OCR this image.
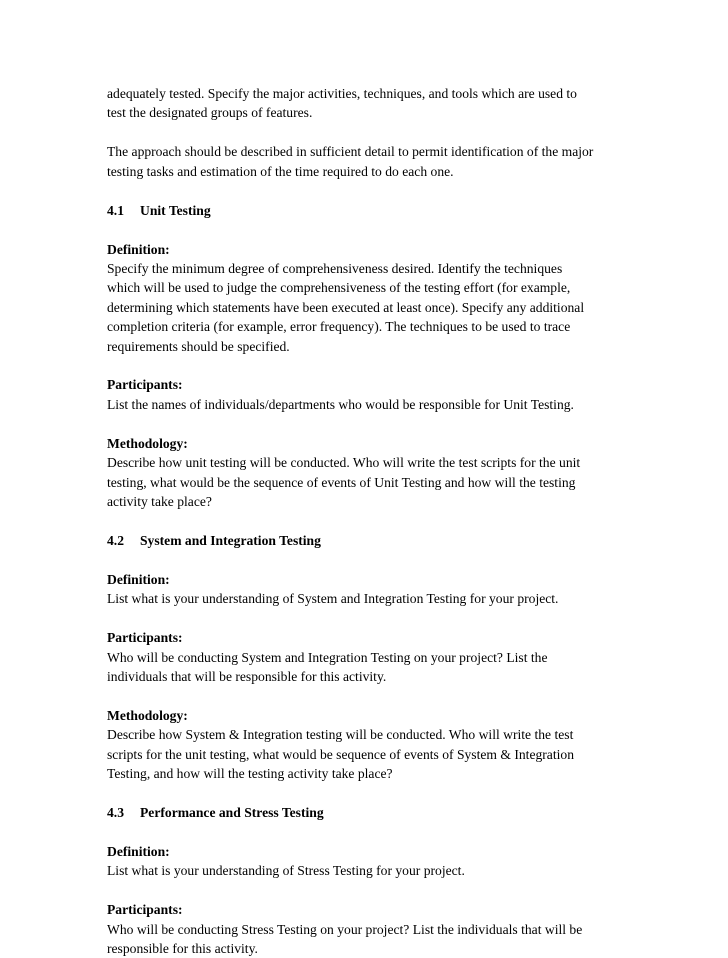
adequately tested. Specify the major activities, techniques, and tools which are used to
test the designated groups of features.
The approach should be described in sufficient detail to permit identification of the major
testing tasks and estimation of the time required to do each one.
4.1 Unit Testing
Definition:
Specify the minimum degree of comprehensiveness desired. Identify the techniques
which will be used to judge the comprehensiveness of the testing effort (for example,
determining which statements have been executed at least once). Specify any additional
completion criteria (for example, error frequency). The techniques to be used to trace
requirements should be specified.
Participants:
List the names of individuals/departments who would be responsible for Unit Testing.
Methodology:
Describe how unit testing will be conducted. Who will write the test scripts for the unit
testing, what would be the sequence of events of Unit Testing and how will the testing
activity take place?
4.2 System and Integration Testing
Definition:
List what is your understanding of System and Integration Testing for your project.
Participants:
Who will be conducting System and Integration Testing on your project? List the
individuals that will be responsible for this activity.
Methodology:
Describe how System & Integration testing will be conducted. Who will write the test
scripts for the unit testing, what would be sequence of events of System & Integration
Testing, and how will the testing activity take place?
4.3 Performance and Stress Testing
Definition:
List what is your understanding of Stress Testing for your project.
Participants:
Who will be conducting Stress Testing on your project? List the individuals that will be
responsible for this activity.
